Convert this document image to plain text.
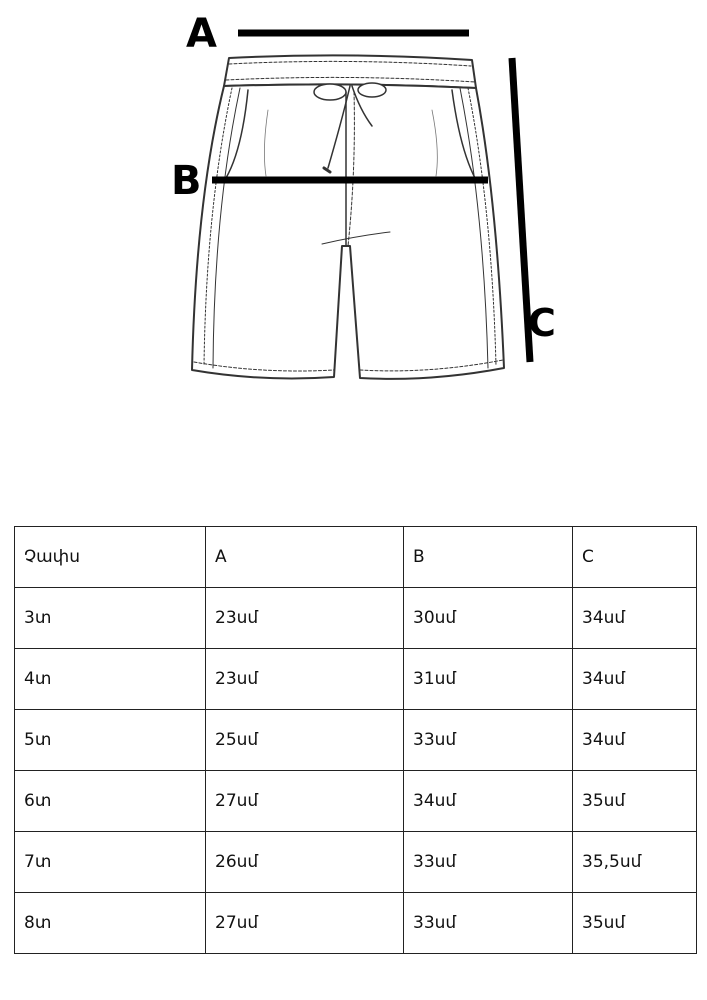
A
B
C
Չափս	A	B	C
3տ	23սմ	30սմ	34սմ
4տ	23սմ	31սմ	34սմ
5տ	25սմ	33սմ	34սմ
6տ	27սմ	34սմ	35սմ
7տ	26սմ	33սմ	35,5սմ
8տ	27սմ	33սմ	35սմ
